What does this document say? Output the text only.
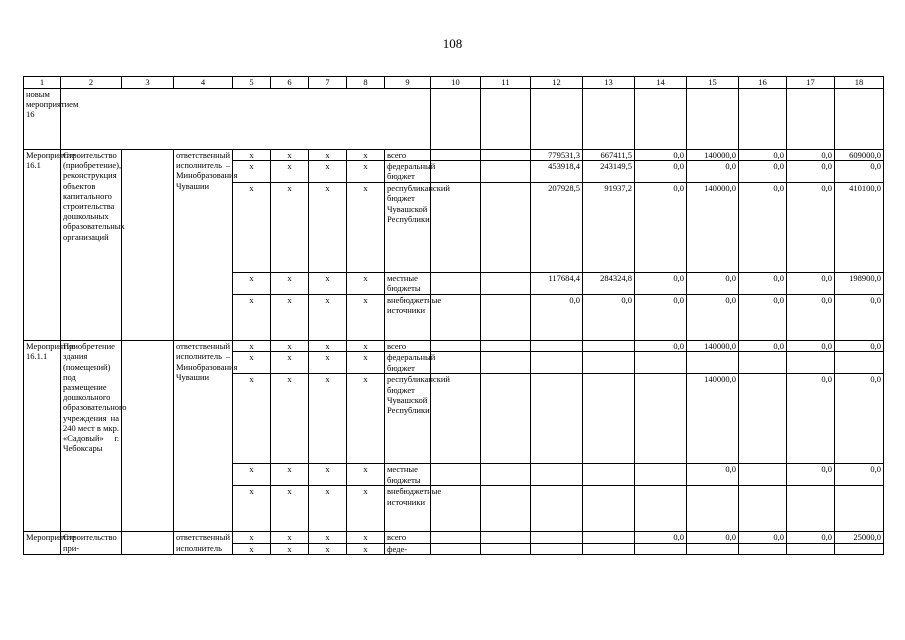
108
1	2	3	4	5	6	7	8	9	10	11	12	13	14	15	16	17	18	
новым мероприятием 16																		
Мероприятие 16.1	Строительство (приобретение), реконструкция объектов капитального строительства дошкольных образовательных организаций		ответственный исполнитель – Минобразования Чувашии	х	х	х	х	всего			779531,3	667411,5	0,0	140000,0	0,0	0,0	609000,0	
				х	х	х	х	федеральный бюджет			453918,4	243149,5	0,0	0,0	0,0	0,0	0,0	
				х	х	х	х	республиканский бюджет Чувашской Республики			207928,5	91937,2	0,0	140000,0	0,0	0,0	410100,0	
				х	х	х	х	местные бюджеты			117684,4	284324,8	0,0	0,0	0,0	0,0	198900,0	
				х	х	х	х	внебюджетные источники			0,0	0,0	0,0	0,0	0,0	0,0	0,0	
Мероприятие 16.1.1	Приобретение здания (помещений) под размещение дошкольного образовательного учреждения на 240 мест в мкр. «Садовый» г. Чебоксары		ответственный исполнитель – Минобразования Чувашии	х	х	х	х	всего					0,0	140000,0	0,0	0,0	0,0	
				х	х	х	х	федеральный бюджет										
				х	х	х	х	республиканский бюджет Чувашской Республики						140000,0		0,0	0,0	
				х	х	х	х	местные бюджеты						0,0		0,0	0,0	
				х	х	х	х	внебюджетные источники										
Мероприятие	Строительство при-		ответственный исполнитель	х	х	х	х	всего					0,0	0,0	0,0	0,0	25000,0	
				х	х	х	х	феде-										
